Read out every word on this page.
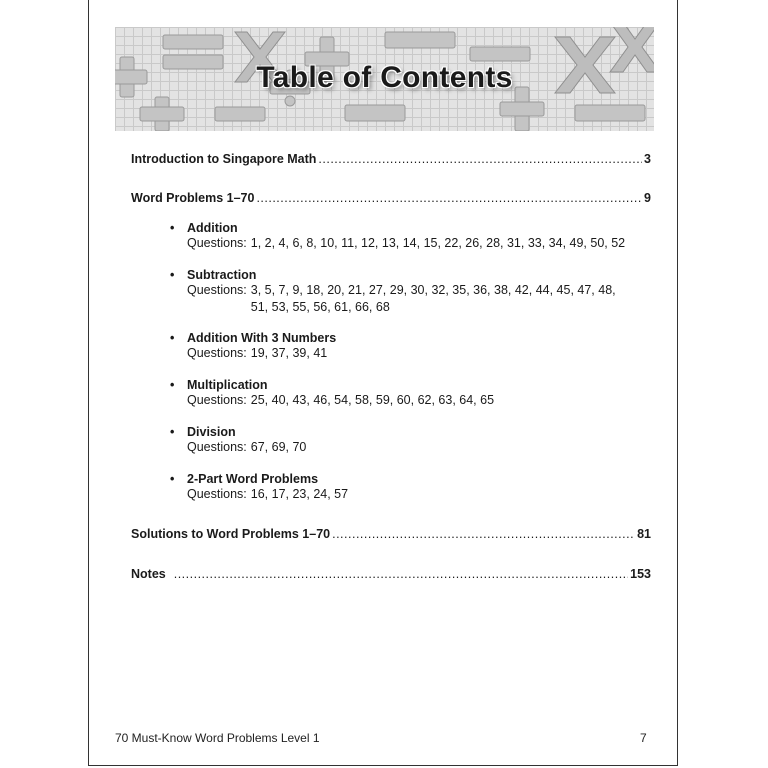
Table of Contents
Introduction to Singapore Math .....	3
Word Problems 1–70 .....	9
• Addition
Questions: 1, 2, 4, 6, 8, 10, 11, 12, 13, 14, 15, 22, 26, 28, 31, 33, 34, 49, 50, 52
• Subtraction
Questions: 3, 5, 7, 9, 18, 20, 21, 27, 29, 30, 32, 35, 36, 38, 42, 44, 45, 47, 48, 51, 53, 55, 56, 61, 66, 68
• Addition With 3 Numbers
Questions: 19, 37, 39, 41
• Multiplication
Questions: 25, 40, 43, 46, 54, 58, 59, 60, 62, 63, 64, 65
• Division
Questions: 67, 69, 70
• 2-Part Word Problems
Questions: 16, 17, 23, 24, 57
Solutions to Word Problems 1–70 .....	81
Notes .....	153
70 Must-Know Word Problems Level 1	7
